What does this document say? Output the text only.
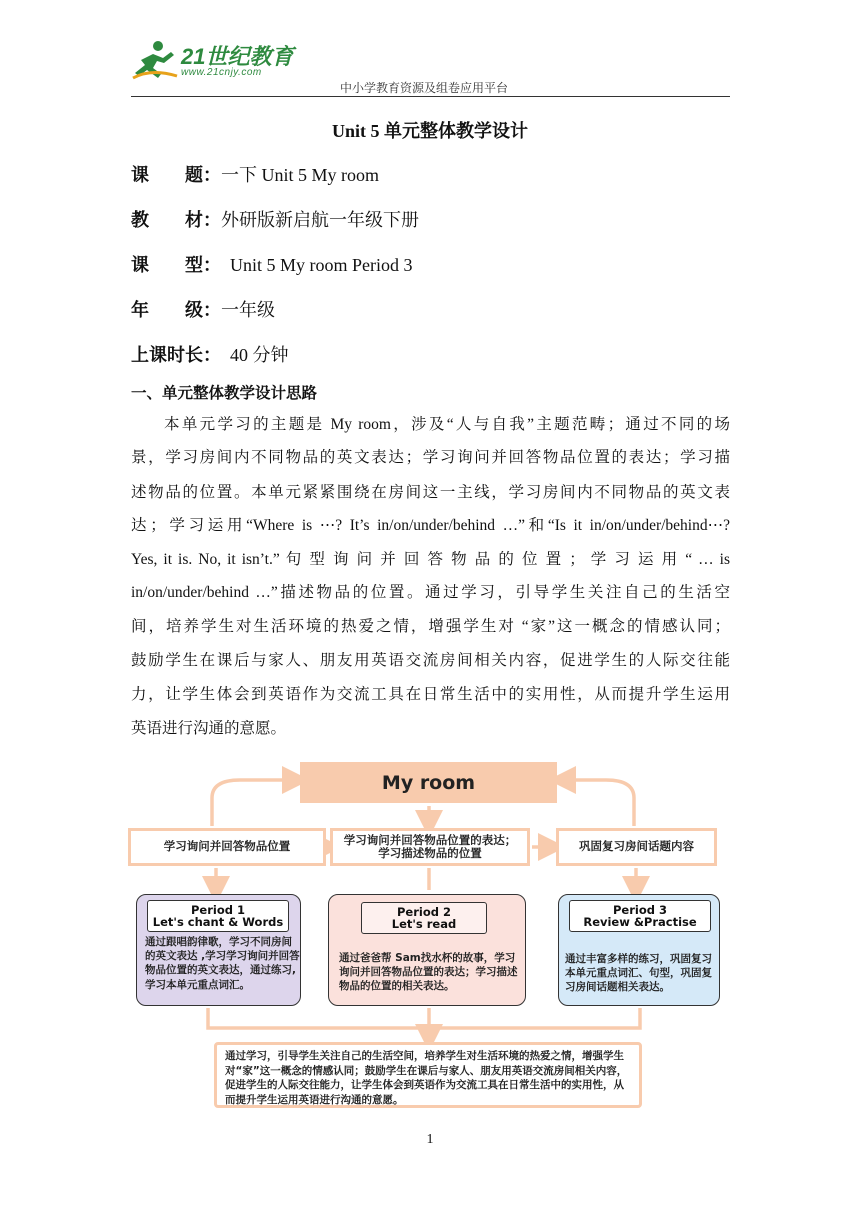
21世纪教育
www.21cnjy.com
中小学教育资源及组卷应用平台
Unit 5 单元整体教学设计
课　　题：一下 Unit 5 My room
教　　材：外研版新启航一年级下册
课　　型：  Unit 5 My room Period 3
年　　级：一年级
上课时长：  40 分钟
一、单元整体教学设计思路
本单元学习的主题是 My room，涉及“人与自我”主题范畴；通过不同的场
景，学习房间内不同物品的英文表达；学习询问并回答物品位置的表达；学习描
述物品的位置。本单元紧紧围绕在房间这一主线，学习房间内不同物品的英文表
达；学习运用“Where is ⋯? It’s in/on/under/behind …”和“Is it in/on/under/behind⋯?
Yes, it is. No, it isn’t.” 句 型 询 问 并 回 答 物 品 的 位 置 ； 学 习 运 用 “ … is
in/on/under/behind …”描述物品的位置。通过学习，引导学生关注自己的生活空
间，培养学生对生活环境的热爱之情，增强学生对 “家”这一概念的情感认同；
鼓励学生在课后与家人、朋友用英语交流房间相关内容，促进学生的人际交往能
力，让学生体会到英语作为交流工具在日常生活中的实用性，从而提升学生运用
英语进行沟通的意愿。
My room
学习询问并回答物品位置	学习询问并回答物品位置的表达；
学习描述物品的位置	巩固复习房间话题内容
Period 1
Let's chant & Words
通过跟唱韵律歌，学习不同房间的英文表达 ,学习学习询问并回答物品位置的英文表达，通过练习, 学习本单元重点词汇。
Period 2
Let's read
通过爸爸帮 Sam找水杯的故事，学习询问并回答物品位置的表达；学习描述物品的位置的相关表达。
Period 3
Review &Practise
通过丰富多样的练习，巩固复习本单元重点词汇、句型，巩固复习房间话题相关表达。
通过学习，引导学生关注自己的生活空间，培养学生对生活环境的热爱之情，增强学生对“家”这一概念的情感认同；鼓励学生在课后与家人、朋友用英语交流房间相关内容，促进学生的人际交往能力，让学生体会到英语作为交流工具在日常生活中的实用性，从而提升学生运用英语进行沟通的意愿。
1
